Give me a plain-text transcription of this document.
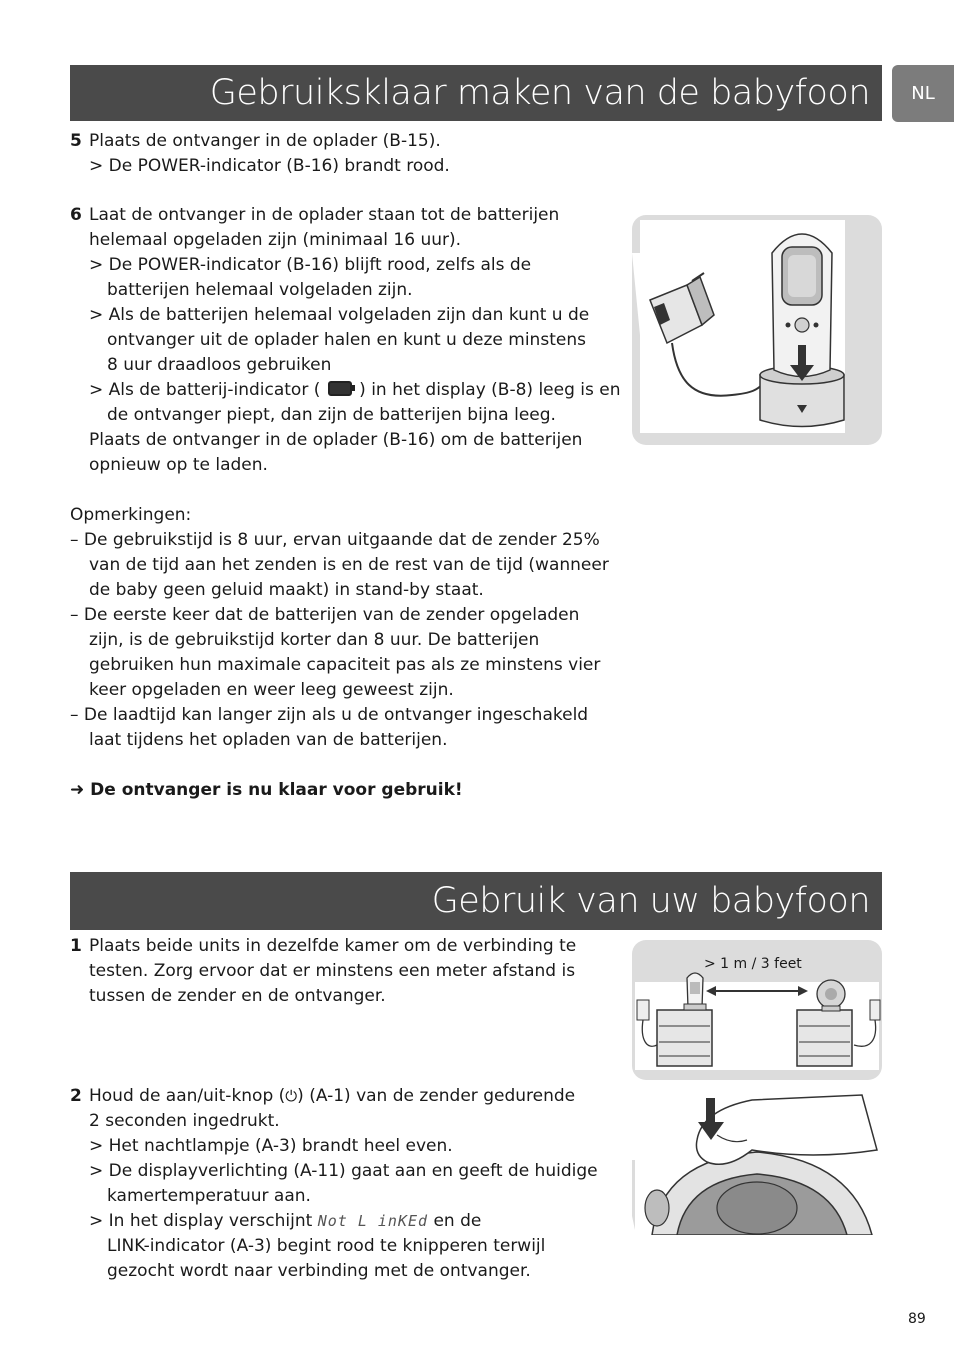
Gebruiksklaar maken van de babyfoon	NL
5 Plaats de ontvanger in de oplader (B-15).
> De POWER-indicator (B-16) brandt rood.
6 Laat de ontvanger in de oplader staan tot de batterijen
helemaal opgeladen zijn (minimaal 16 uur).
> De POWER-indicator (B-16) blijft rood, zelfs als de
batterijen helemaal volgeladen zijn.
> Als de batterijen helemaal volgeladen zijn dan kunt u de
ontvanger uit de oplader halen en kunt u deze minstens
8 uur draadloos gebruiken
> Als de batterij-indicator ( ) in het display (B-8) leeg is en
de ontvanger piept, dan zijn de batterijen bijna leeg.
Plaats de ontvanger in de oplader (B-16) om de batterijen
opnieuw op te laden.
Opmerkingen:
– De gebruikstijd is 8 uur, ervan uitgaande dat de zender 25%
van de tijd aan het zenden is en de rest van de tijd (wanneer
de baby geen geluid maakt) in stand-by staat.
– De eerste keer dat de batterijen van de zender opgeladen
zijn, is de gebruikstijd korter dan 8 uur. De batterijen
gebruiken hun maximale capaciteit pas als ze minstens vier
keer opgeladen en weer leeg geweest zijn.
– De laadtijd kan langer zijn als u de ontvanger ingeschakeld
laat tijdens het opladen van de batterijen.
➜ De ontvanger is nu klaar voor gebruik!
Gebruik van uw babyfoon
1 Plaats beide units in dezelfde kamer om de verbinding te
testen. Zorg ervoor dat er minstens een meter afstand is
tussen de zender en de ontvanger.
> 1 m / 3 feet
2 Houd de aan/uit-knop (⏻) (A-1) van de zender gedurende
2 seconden ingedrukt.
> Het nachtlampje (A-3) brandt heel even.
> De displayverlichting (A-11) gaat aan en geeft de huidige
kamertemperatuur aan.
> In het display verschijnt Not L inKEd en de
LINK-indicator (A-3) begint rood te knipperen terwijl
gezocht wordt naar verbinding met de ontvanger.
89
